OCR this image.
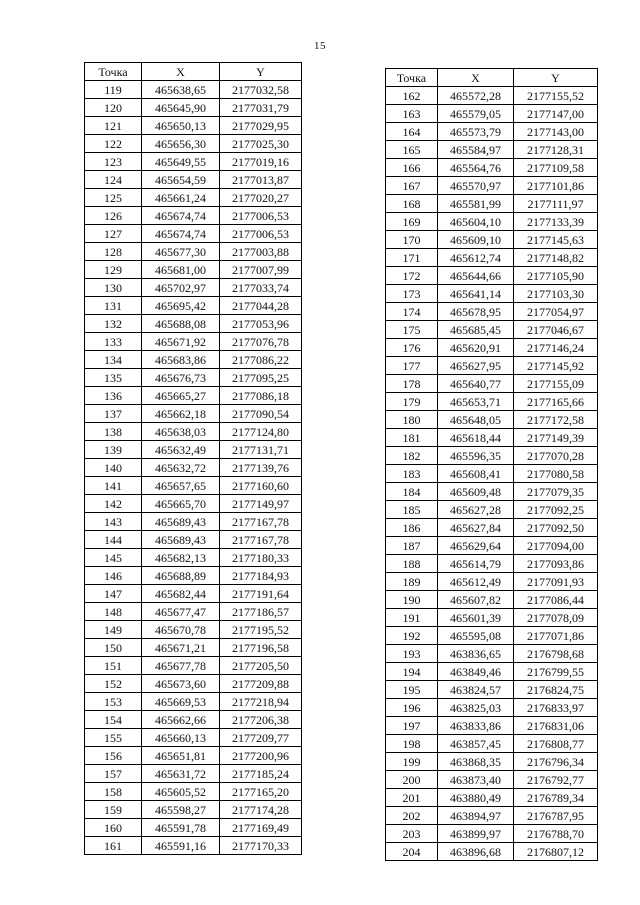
15
Точка	X	Y
119	465638,65	2177032,58
120	465645,90	2177031,79
121	465650,13	2177029,95
122	465656,30	2177025,30
123	465649,55	2177019,16
124	465654,59	2177013,87
125	465661,24	2177020,27
126	465674,74	2177006,53
127	465674,74	2177006,53
128	465677,30	2177003,88
129	465681,00	2177007,99
130	465702,97	2177033,74
131	465695,42	2177044,28
132	465688,08	2177053,96
133	465671,92	2177076,78
134	465683,86	2177086,22
135	465676,73	2177095,25
136	465665,27	2177086,18
137	465662,18	2177090,54
138	465638,03	2177124,80
139	465632,49	2177131,71
140	465632,72	2177139,76
141	465657,65	2177160,60
142	465665,70	2177149,97
143	465689,43	2177167,78
144	465689,43	2177167,78
145	465682,13	2177180,33
146	465688,89	2177184,93
147	465682,44	2177191,64
148	465677,47	2177186,57
149	465670,78	2177195,52
150	465671,21	2177196,58
151	465677,78	2177205,50
152	465673,60	2177209,88
153	465669,53	2177218,94
154	465662,66	2177206,38
155	465660,13	2177209,77
156	465651,81	2177200,96
157	465631,72	2177185,24
158	465605,52	2177165,20
159	465598,27	2177174,28
160	465591,78	2177169,49
161	465591,16	2177170,33
Точка	X	Y
162	465572,28	2177155,52
163	465579,05	2177147,00
164	465573,79	2177143,00
165	465584,97	2177128,31
166	465564,76	2177109,58
167	465570,97	2177101,86
168	465581,99	2177111,97
169	465604,10	2177133,39
170	465609,10	2177145,63
171	465612,74	2177148,82
172	465644,66	2177105,90
173	465641,14	2177103,30
174	465678,95	2177054,97
175	465685,45	2177046,67
176	465620,91	2177146,24
177	465627,95	2177145,92
178	465640,77	2177155,09
179	465653,71	2177165,66
180	465648,05	2177172,58
181	465618,44	2177149,39
182	465596,35	2177070,28
183	465608,41	2177080,58
184	465609,48	2177079,35
185	465627,28	2177092,25
186	465627,84	2177092,50
187	465629,64	2177094,00
188	465614,79	2177093,86
189	465612,49	2177091,93
190	465607,82	2177086,44
191	465601,39	2177078,09
192	465595,08	2177071,86
193	463836,65	2176798,68
194	463849,46	2176799,55
195	463824,57	2176824,75
196	463825,03	2176833,97
197	463833,86	2176831,06
198	463857,45	2176808,77
199	463868,35	2176796,34
200	463873,40	2176792,77
201	463880,49	2176789,34
202	463894,97	2176787,95
203	463899,97	2176788,70
204	463896,68	2176807,12
